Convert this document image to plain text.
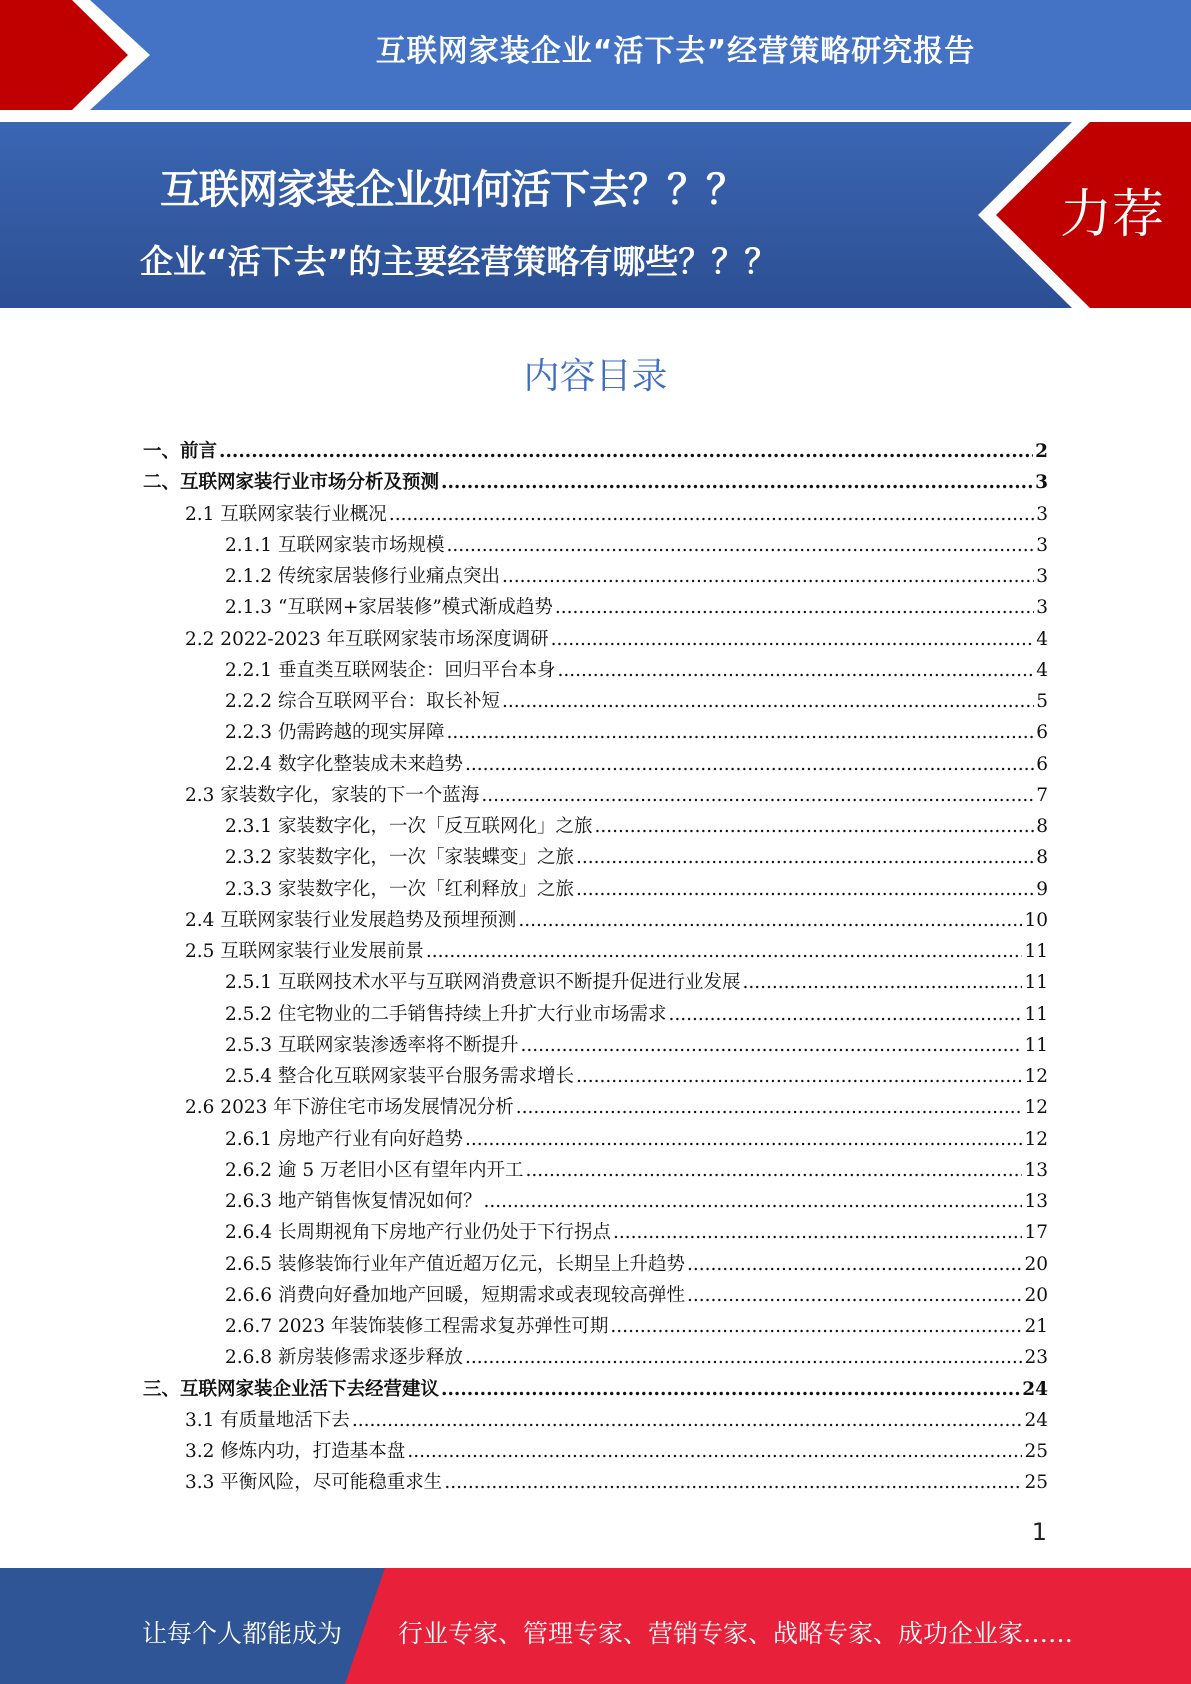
互联网家装企业“活下去”经营策略研究报告
互联网家装企业如何活下去？？？
企业“活下去”的主要经营策略有哪些？？？
力荐
内容目录
一、前言 .....	2
二、互联网家装行业市场分析及预测 .....	3
2.1 互联网家装行业概况 .....	3
2.1.1 互联网家装市场规模 .....	3
2.1.2 传统家居装修行业痛点突出 .....	3
2.1.3 “互联网+家居装修”模式渐成趋势 .....	3
2.2 2022-2023 年互联网家装市场深度调研 .....	4
2.2.1 垂直类互联网装企：回归平台本身 .....	4
2.2.2 综合互联网平台：取长补短 .....	5
2.2.3 仍需跨越的现实屏障 .....	6
2.2.4 数字化整装成未来趋势 .....	6
2.3 家装数字化，家装的下一个蓝海 .....	7
2.3.1 家装数字化，一次「反互联网化」之旅 .....	8
2.3.2 家装数字化，一次「家装蝶变」之旅 .....	8
2.3.3 家装数字化，一次「红利释放」之旅 .....	9
2.4 互联网家装行业发展趋势及预埋预测 .....	10
2.5 互联网家装行业发展前景 .....	11
2.5.1 互联网技术水平与互联网消费意识不断提升促进行业发展 .....	11
2.5.2 住宅物业的二手销售持续上升扩大行业市场需求 .....	11
2.5.3 互联网家装渗透率将不断提升 .....	11
2.5.4 整合化互联网家装平台服务需求增长 .....	12
2.6 2023 年下游住宅市场发展情况分析 .....	12
2.6.1 房地产行业有向好趋势 .....	12
2.6.2 逾 5 万老旧小区有望年内开工 .....	13
2.6.3 地产销售恢复情况如何？ .....	13
2.6.4 长周期视角下房地产行业仍处于下行拐点 .....	17
2.6.5 装修装饰行业年产值近超万亿元，长期呈上升趋势 .....	20
2.6.6 消费向好叠加地产回暖，短期需求或表现较高弹性 .....	20
2.6.7 2023 年装饰装修工程需求复苏弹性可期 .....	21
2.6.8 新房装修需求逐步释放 .....	23
三、互联网家装企业活下去经营建议 .....	24
3.1 有质量地活下去 .....	24
3.2 修炼内功，打造基本盘 .....	25
3.3 平衡风险，尽可能稳重求生 .....	25
1
让每个人都能成为 行业专家、管理专家、营销专家、战略专家、成功企业家……
